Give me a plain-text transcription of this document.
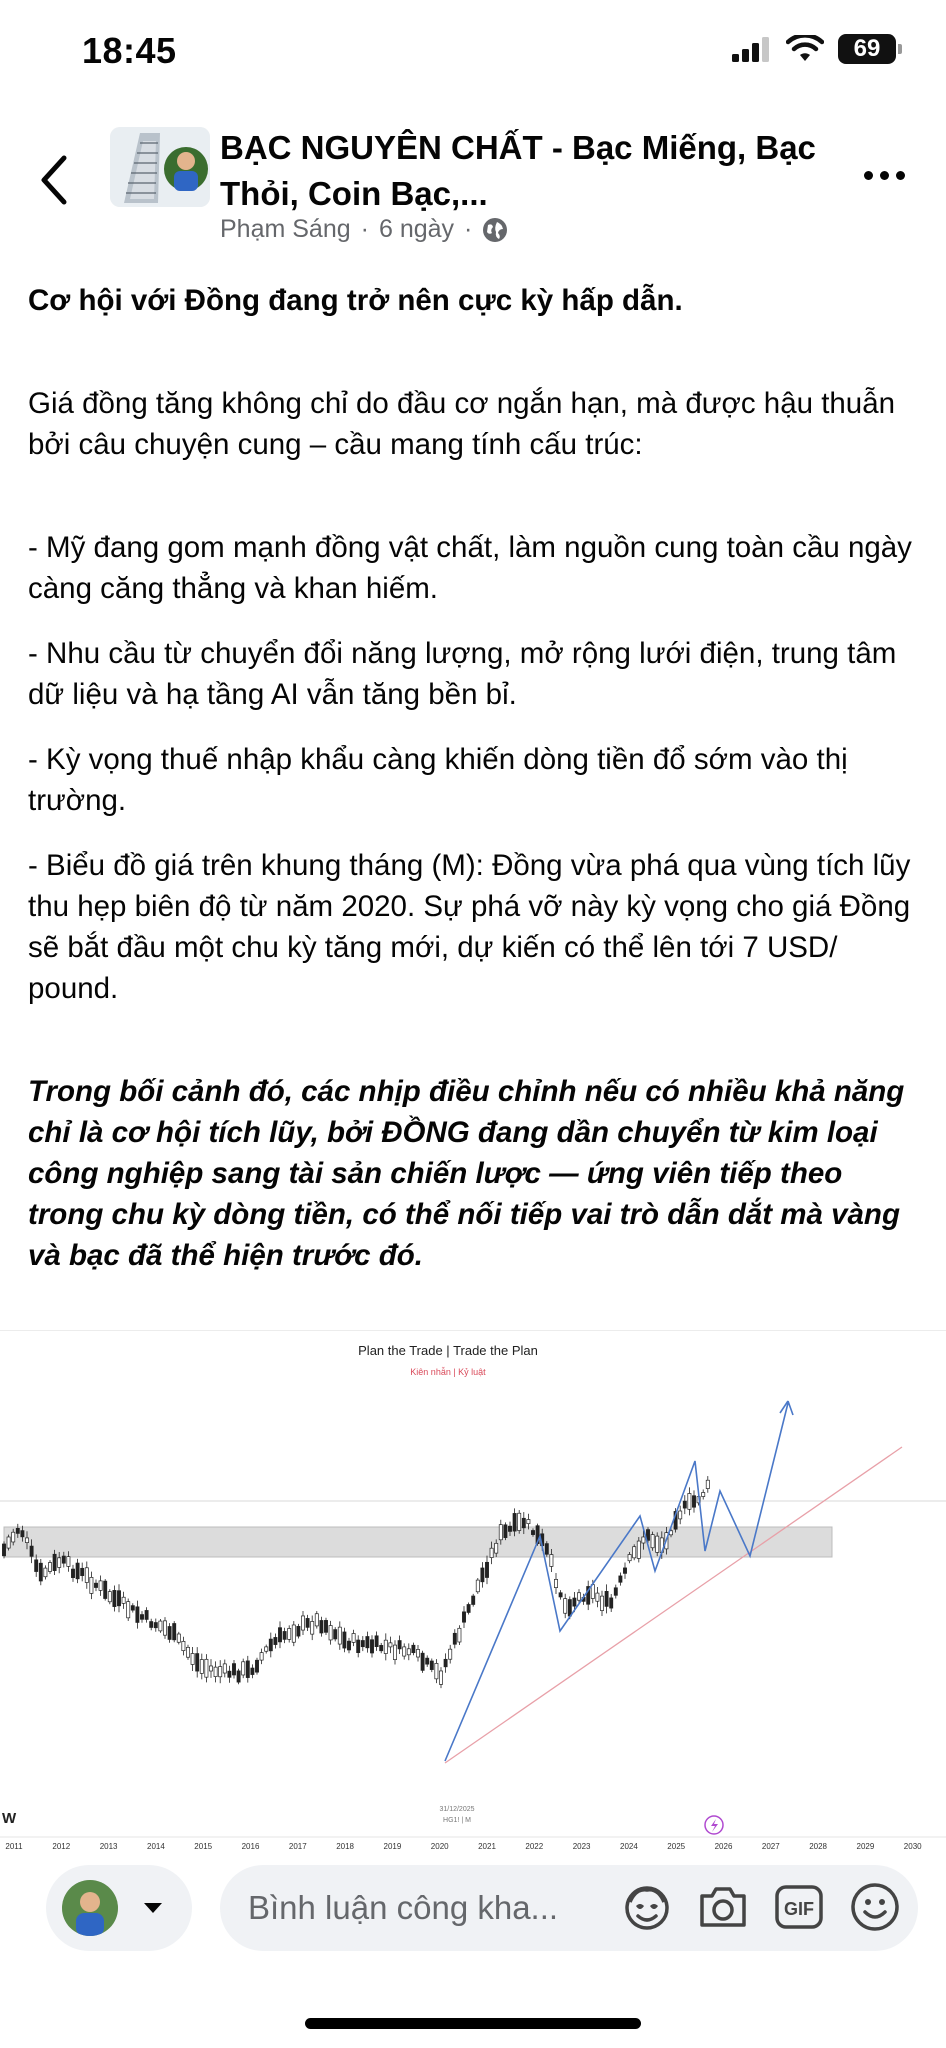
18:45	69
BẠC NGUYÊN CHẤT - Bạc Miếng, Bạc Thỏi, Coin Bạc,...
Phạm Sáng · 6 ngày ·

Cơ hội với Đồng đang trở nên cực kỳ hấp dẫn.

Giá đồng tăng không chỉ do đầu cơ ngắn hạn, mà được hậu thuẫn bởi câu chuyện cung – cầu mang tính cấu trúc:

- Mỹ đang gom mạnh đồng vật chất, làm nguồn cung toàn cầu ngày càng căng thẳng và khan hiếm.

- Nhu cầu từ chuyển đổi năng lượng, mở rộng lưới điện, trung tâm dữ liệu và hạ tầng AI vẫn tăng bền bỉ.

- Kỳ vọng thuế nhập khẩu càng khiến dòng tiền đổ sớm vào thị trường.

- Biểu đồ giá trên khung tháng (M): Đồng vừa phá qua vùng tích lũy thu hẹp biên độ từ năm 2020. Sự phá vỡ này kỳ vọng cho giá Đồng sẽ bắt đầu một chu kỳ tăng mới, dự kiến có thể lên tới 7 USD/ pound.

Trong bối cảnh đó, các nhịp điều chỉnh nếu có nhiều khả năng chỉ là cơ hội tích lũy, bởi ĐỒNG đang dần chuyển từ kim loại công nghiệp sang tài sản chiến lược — ứng viên tiếp theo trong chu kỳ dòng tiền, có thể nối tiếp vai trò dẫn dắt mà vàng và bạc đã thể hiện trước đó.

Plan the Trade | Trade the Plan
Kiên nhẫn | Kỷ luật
W
31/12/2025
HG1! | M
2011	2012	2013	2014	2015	2016	2017	2018	2019	2020	2021	2022	2023	2024	2025	2026	2027	2028	2029	2030
Bình luận công kha...	GIF
